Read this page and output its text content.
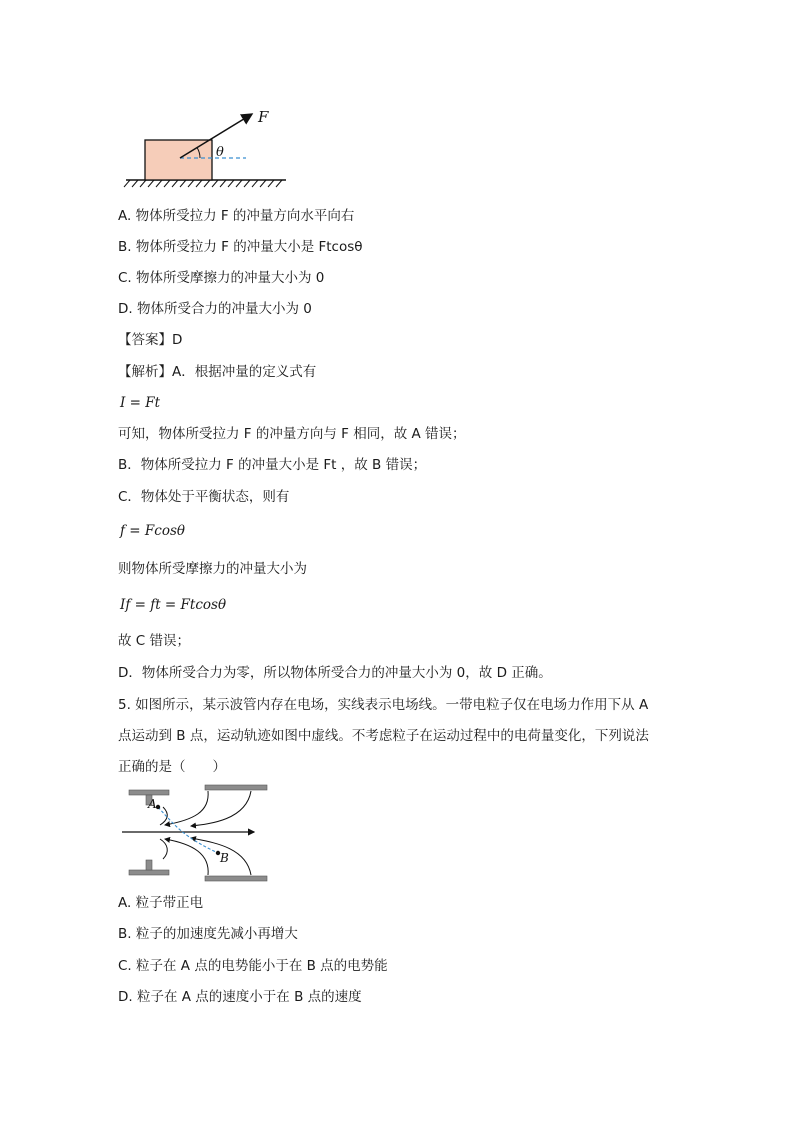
F
θ
A. 物体所受拉力 F 的冲量方向水平向右
B. 物体所受拉力 F 的冲量大小是 Ftcosθ
C. 物体所受摩擦力的冲量大小为 0
D. 物体所受合力的冲量大小为 0
【答案】D
【解析】A．根据冲量的定义式有
I = Ft
可知，物体所受拉力 F 的冲量方向与 F 相同，故 A 错误；
B．物体所受拉力 F 的冲量大小是 Ft ，故 B 错误；
C．物体处于平衡状态，则有
f = Fcosθ
则物体所受摩擦力的冲量大小为
If = ft = Ftcosθ
故 C 错误；
D．物体所受合力为零，所以物体所受合力的冲量大小为 0，故 D 正确。
5. 如图所示，某示波管内存在电场，实线表示电场线。一带电粒子仅在电场力作用下从 A
点运动到 B 点，运动轨迹如图中虚线。不考虑粒子在运动过程中的电荷量变化，下列说法
正确的是（　　）
A
B
A. 粒子带正电
B. 粒子的加速度先减小再增大
C. 粒子在 A 点的电势能小于在 B 点的电势能
D. 粒子在 A 点的速度小于在 B 点的速度
